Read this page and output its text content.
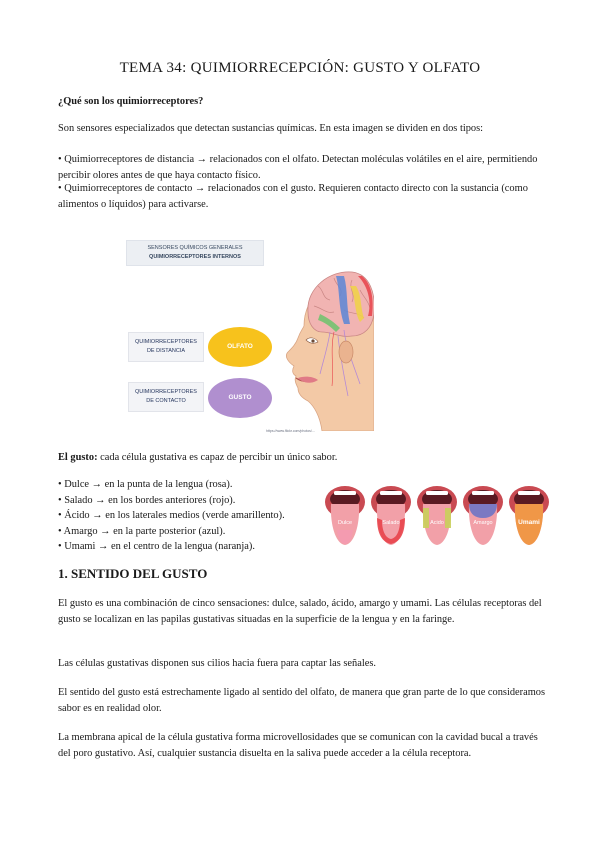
TEMA 34: QUIMIORRECEPCIÓN: GUSTO Y OLFATO
¿Qué son los quimiorreceptores?
Son sensores especializados que detectan sustancias químicas. En esta imagen se dividen en dos tipos:
• Quimiorreceptores de distancia → relacionados con el olfato. Detectan moléculas volátiles en el aire, permitiendo percibir olores antes de que haya contacto físico.
• Quimiorreceptores de contacto → relacionados con el gusto. Requieren contacto directo con la sustancia (como alimentos o líquidos) para activarse.
SENSORES QUÍMICOS GENERALES
QUIMIORRECEPTORES INTERNOS
QUIMIORRECEPTORES
DE DISTANCIA
OLFATO
QUIMIORRECEPTORES
DE CONTACTO	GUSTO
https://www.flickr.com/photos/...
El gusto: cada célula gustativa es capaz de percibir un único sabor.
• Dulce → en la punta de la lengua (rosa).
• Salado → en los bordes anteriores (rojo).
• Ácido → en los laterales medios (verde amarillento).
• Amargo → en la parte posterior (azul).
• Umami → en el centro de la lengua (naranja).
Dulce	Salado	Acido	Amargo	Umami
1. SENTIDO DEL GUSTO
El gusto es una combinación de cinco sensaciones: dulce, salado, ácido, amargo y umami. Las células receptoras del gusto se localizan en las papilas gustativas situadas en la superficie de la lengua y en la faringe.
Las células gustativas disponen sus cilios hacia fuera para captar las señales.
El sentido del gusto está estrechamente ligado al sentido del olfato, de manera que gran parte de lo que consideramos sabor es en realidad olor.
La membrana apical de la célula gustativa forma microvellosidades que se comunican con la cavidad bucal a través del poro gustativo. Así, cualquier sustancia disuelta en la saliva puede acceder a la célula receptora.
